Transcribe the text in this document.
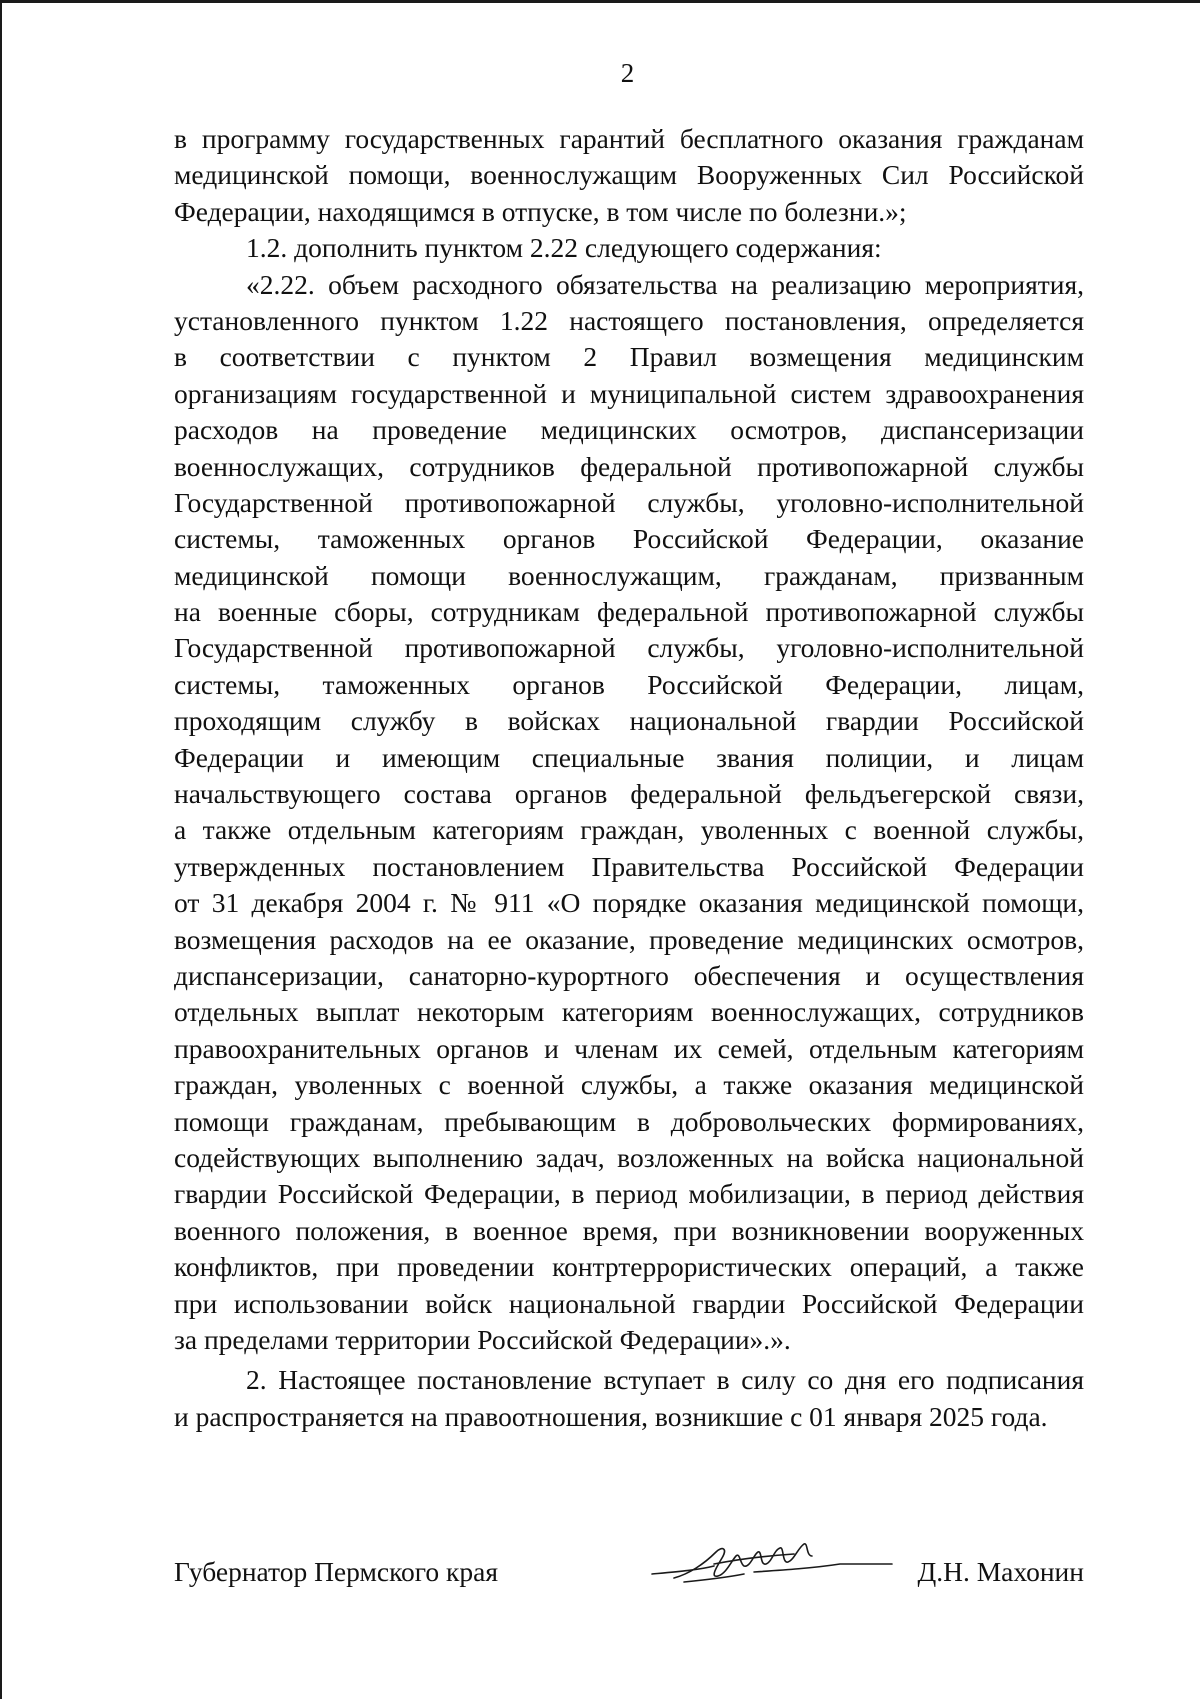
2
в программу государственных гарантий бесплатного оказания гражданам
медицинской помощи, военнослужащим Вооруженных Сил Российской
Федерации, находящимся в отпуске, в том числе по болезни.»;
1.2. дополнить пунктом 2.22 следующего содержания:
«2.22. объем расходного обязательства на реализацию мероприятия,
установленного пунктом 1.22 настоящего постановления, определяется
в соответствии с пунктом 2 Правил возмещения медицинским
организациям государственной и муниципальной систем здравоохранения
расходов на проведение медицинских осмотров, диспансеризации
военнослужащих, сотрудников федеральной противопожарной службы
Государственной противопожарной службы, уголовно-исполнительной
системы, таможенных органов Российской Федерации, оказание
медицинской помощи военнослужащим, гражданам, призванным
на военные сборы, сотрудникам федеральной противопожарной службы
Государственной противопожарной службы, уголовно-исполнительной
системы, таможенных органов Российской Федерации, лицам,
проходящим службу в войсках национальной гвардии Российской
Федерации и имеющим специальные звания полиции, и лицам
начальствующего состава органов федеральной фельдъегерской связи,
а также отдельным категориям граждан, уволенных с военной службы,
утвержденных постановлением Правительства Российской Федерации
от 31 декабря 2004 г. № 911 «О порядке оказания медицинской помощи,
возмещения расходов на ее оказание, проведение медицинских осмотров,
диспансеризации, санаторно-курортного обеспечения и осуществления
отдельных выплат некоторым категориям военнослужащих, сотрудников
правоохранительных органов и членам их семей, отдельным категориям
граждан, уволенных с военной службы, а также оказания медицинской
помощи гражданам, пребывающим в добровольческих формированиях,
содействующих выполнению задач, возложенных на войска национальной
гвардии Российской Федерации, в период мобилизации, в период действия
военного положения, в военное время, при возникновении вооруженных
конфликтов, при проведении контртеррористических операций, а также
при использовании войск национальной гвардии Российской Федерации
за пределами территории Российской Федерации».».
2. Настоящее постановление вступает в силу со дня его подписания
и распространяется на правоотношения, возникшие с 01 января 2025 года.
Губернатор Пермского края	Д.Н. Махонин
